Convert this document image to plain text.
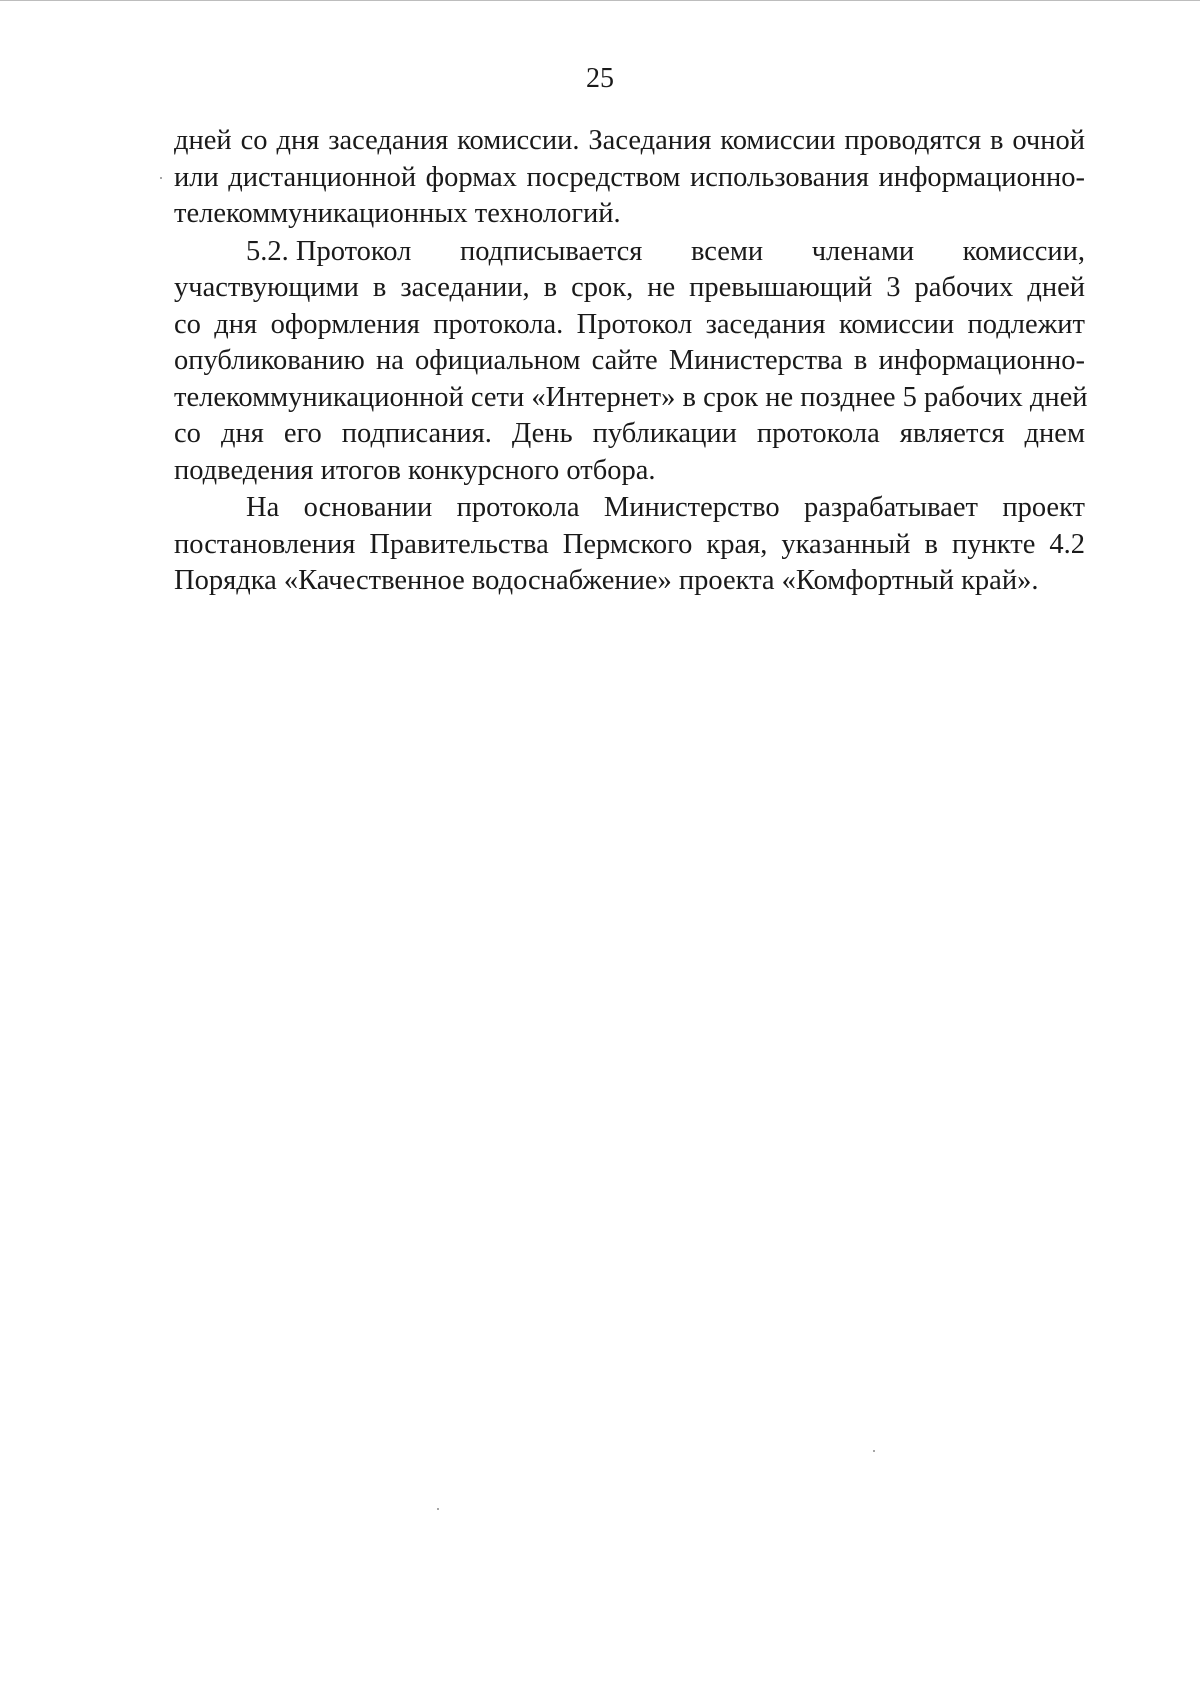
25
дней со дня заседания комиссии. Заседания комиссии проводятся в очной
или дистанционной формах посредством использования информационно-
телекоммуникационных технологий.
5.2. Протокол подписывается всеми членами комиссии,
участвующими в заседании, в срок, не превышающий 3 рабочих дней
со дня оформления протокола. Протокол заседания комиссии подлежит
опубликованию на официальном сайте Министерства в информационно-
телекоммуникационной сети «Интернет» в срок не позднее 5 рабочих дней
со дня его подписания. День публикации протокола является днем
подведения итогов конкурсного отбора.
На основании протокола Министерство разрабатывает проект
постановления Правительства Пермского края, указанный в пункте 4.2
Порядка «Качественное водоснабжение» проекта «Комфортный край».
